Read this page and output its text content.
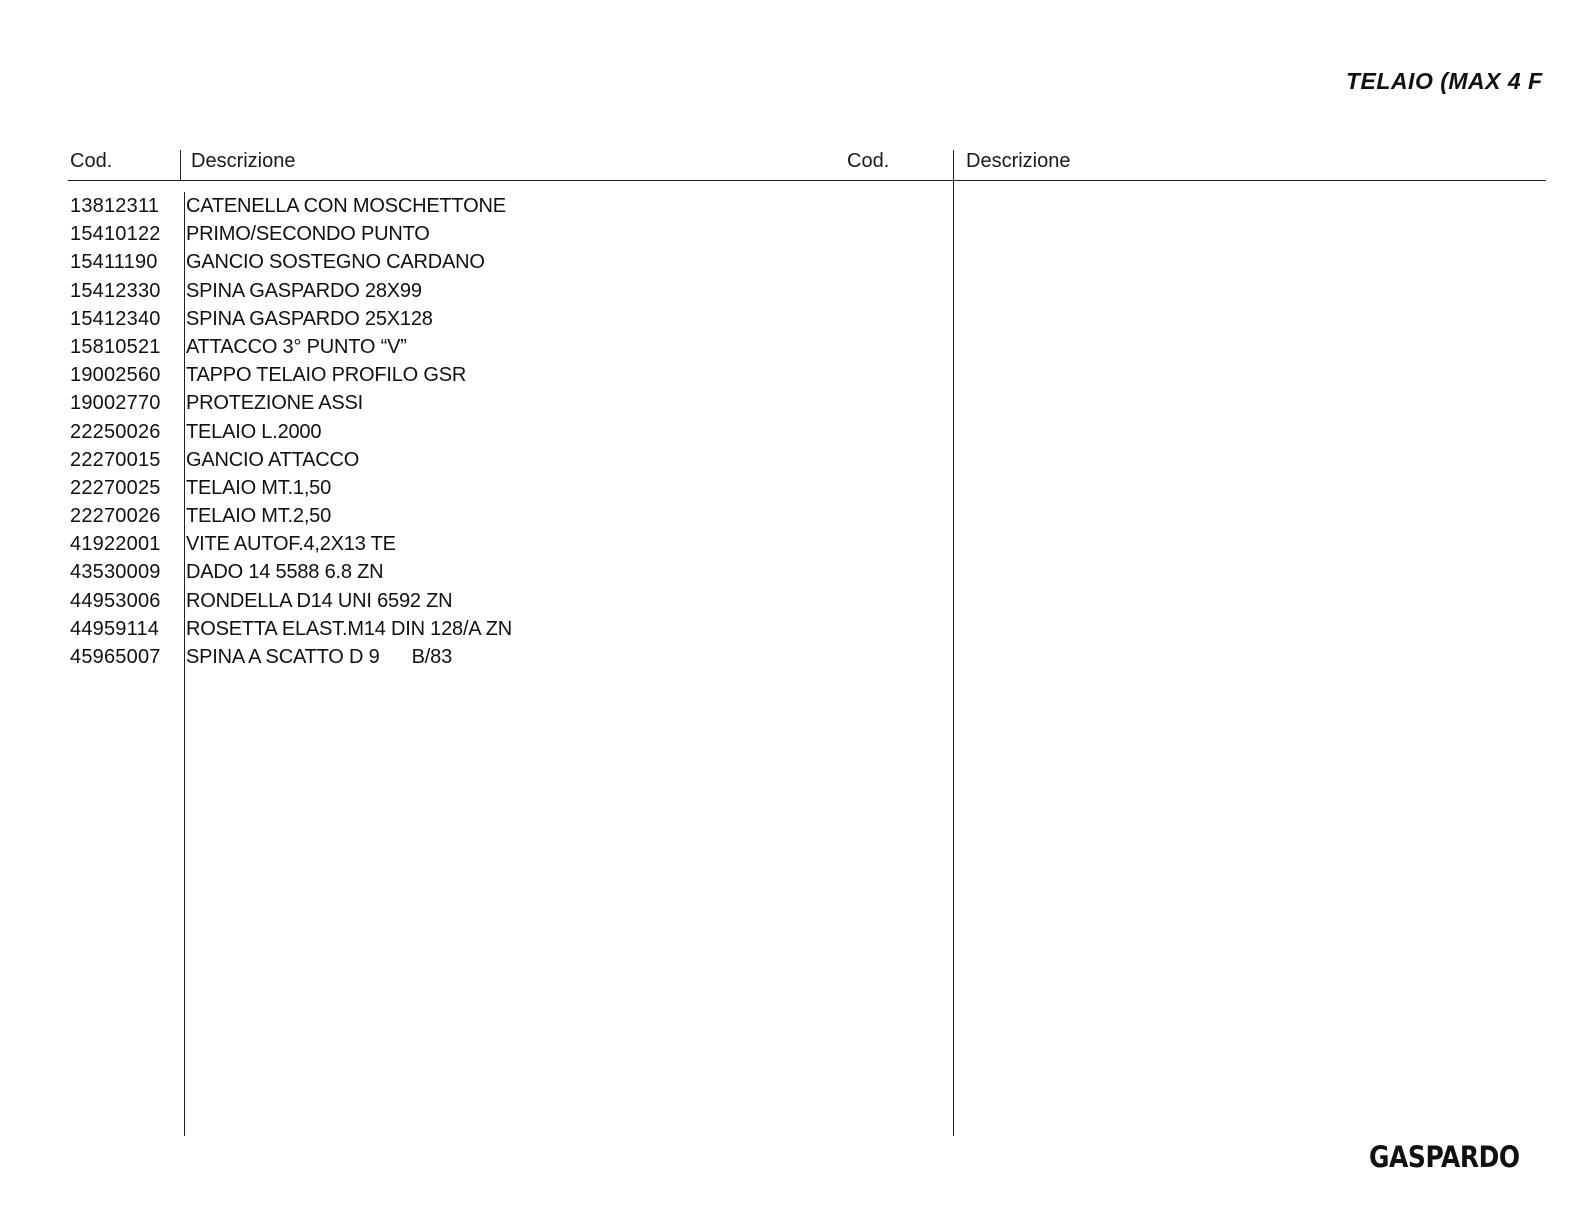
TELAIO (MAX 4 F
Cod.	Descrizione	Cod.	Descrizione
13812311	CATENELLA CON MOSCHETTONE
15410122	PRIMO/SECONDO PUNTO
15411190	GANCIO SOSTEGNO CARDANO
15412330	SPINA GASPARDO 28X99
15412340	SPINA GASPARDO 25X128
15810521	ATTACCO 3° PUNTO “V”
19002560	TAPPO TELAIO PROFILO GSR
19002770	PROTEZIONE ASSI
22250026	TELAIO L.2000
22270015	GANCIO ATTACCO
22270025	TELAIO MT.1,50
22270026	TELAIO MT.2,50
41922001	VITE AUTOF.4,2X13 TE
43530009	DADO 14 5588 6.8 ZN
44953006	RONDELLA D14 UNI 6592 ZN
44959114	ROSETTA ELAST.M14 DIN 128/A ZN
45965007	SPINA A SCATTO D 9      B/83
GASPARDO
